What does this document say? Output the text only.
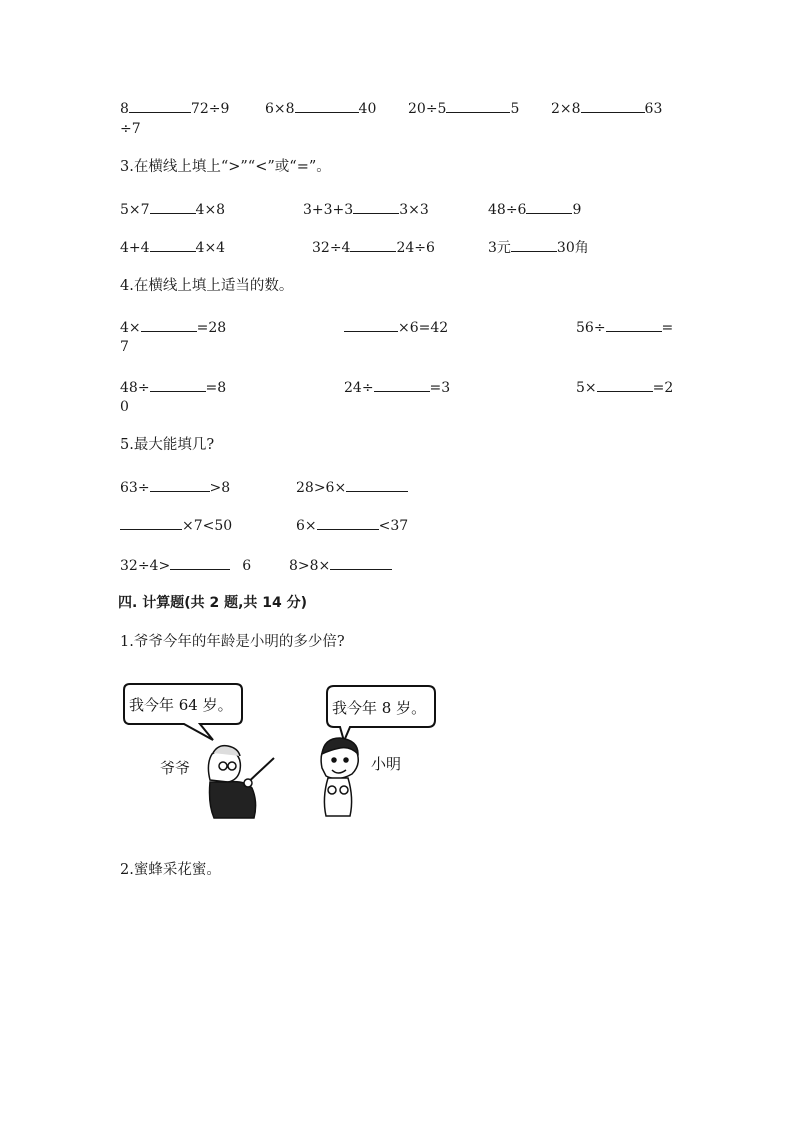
8	72÷9	6×8	40 20÷5	5 2×8	63
÷7
3.在横线上填上“>”“<”或“=”。
5×7	4×8	3+3+3	3×3	48÷6	9
4+4	4×4	32÷4	24÷6	3元	30角
4.在横线上填上适当的数。
4×	=28	×6=42	56÷	=
7
48÷	=8	24÷	=3	5×	=2
0
5.最大能填几?
63÷	>8	28>6×
×7<50	6×	<37
32÷4>	6	8>8×
四. 计算题(共 2 题,共 14 分)
1.爷爷今年的年龄是小明的多少倍?
我今年 64 岁。	我今年 8 岁。
爷爷	小明
2.蜜蜂采花蜜。
